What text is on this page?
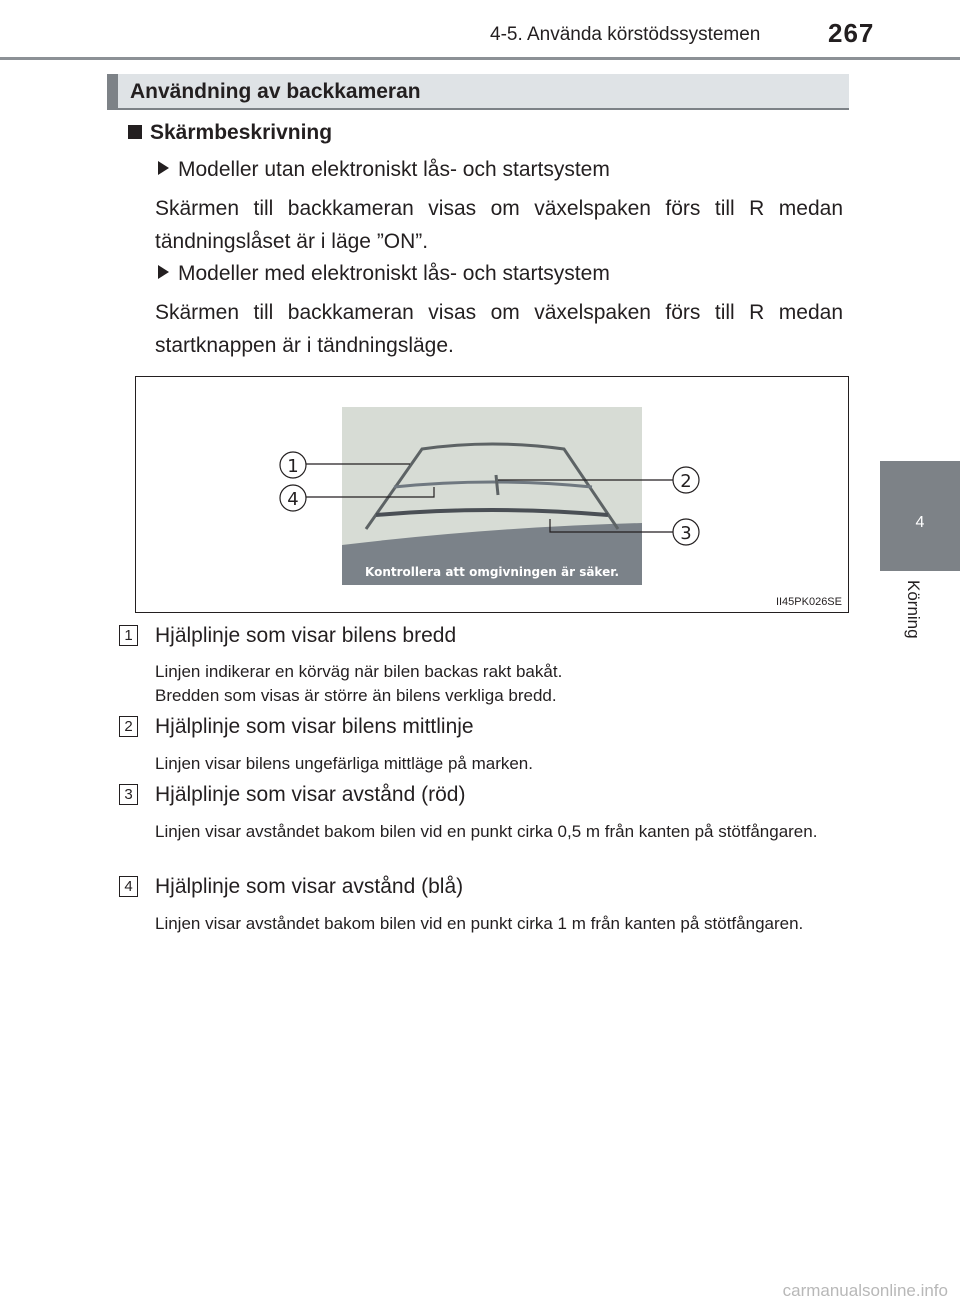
4-5. Använda körstödssystemen	267
4
Körning
Användning av backkameran
Skärmbeskrivning
Modeller utan elektroniskt lås- och startsystem
Skärmen till backkameran visas om växelspaken förs till R medan tändningslåset är i läge ”ON”.
Modeller med elektroniskt lås- och startsystem
Skärmen till backkameran visas om växelspaken förs till R medan startknappen är i tändningsläge.
Kontrollera att omgivningen är säker.
1
4
2
3
II45PK026SE
1 Hjälplinje som visar bilens bredd
Linjen indikerar en körväg när bilen backas rakt bakåt.
Bredden som visas är större än bilens verkliga bredd.
2 Hjälplinje som visar bilens mittlinje
Linjen visar bilens ungefärliga mittläge på marken.
3 Hjälplinje som visar avstånd (röd)
Linjen visar avståndet bakom bilen vid en punkt cirka 0,5 m från kanten på stötfångaren.
4 Hjälplinje som visar avstånd (blå)
Linjen visar avståndet bakom bilen vid en punkt cirka 1 m från kanten på stötfångaren.
carmanualsonline.info
